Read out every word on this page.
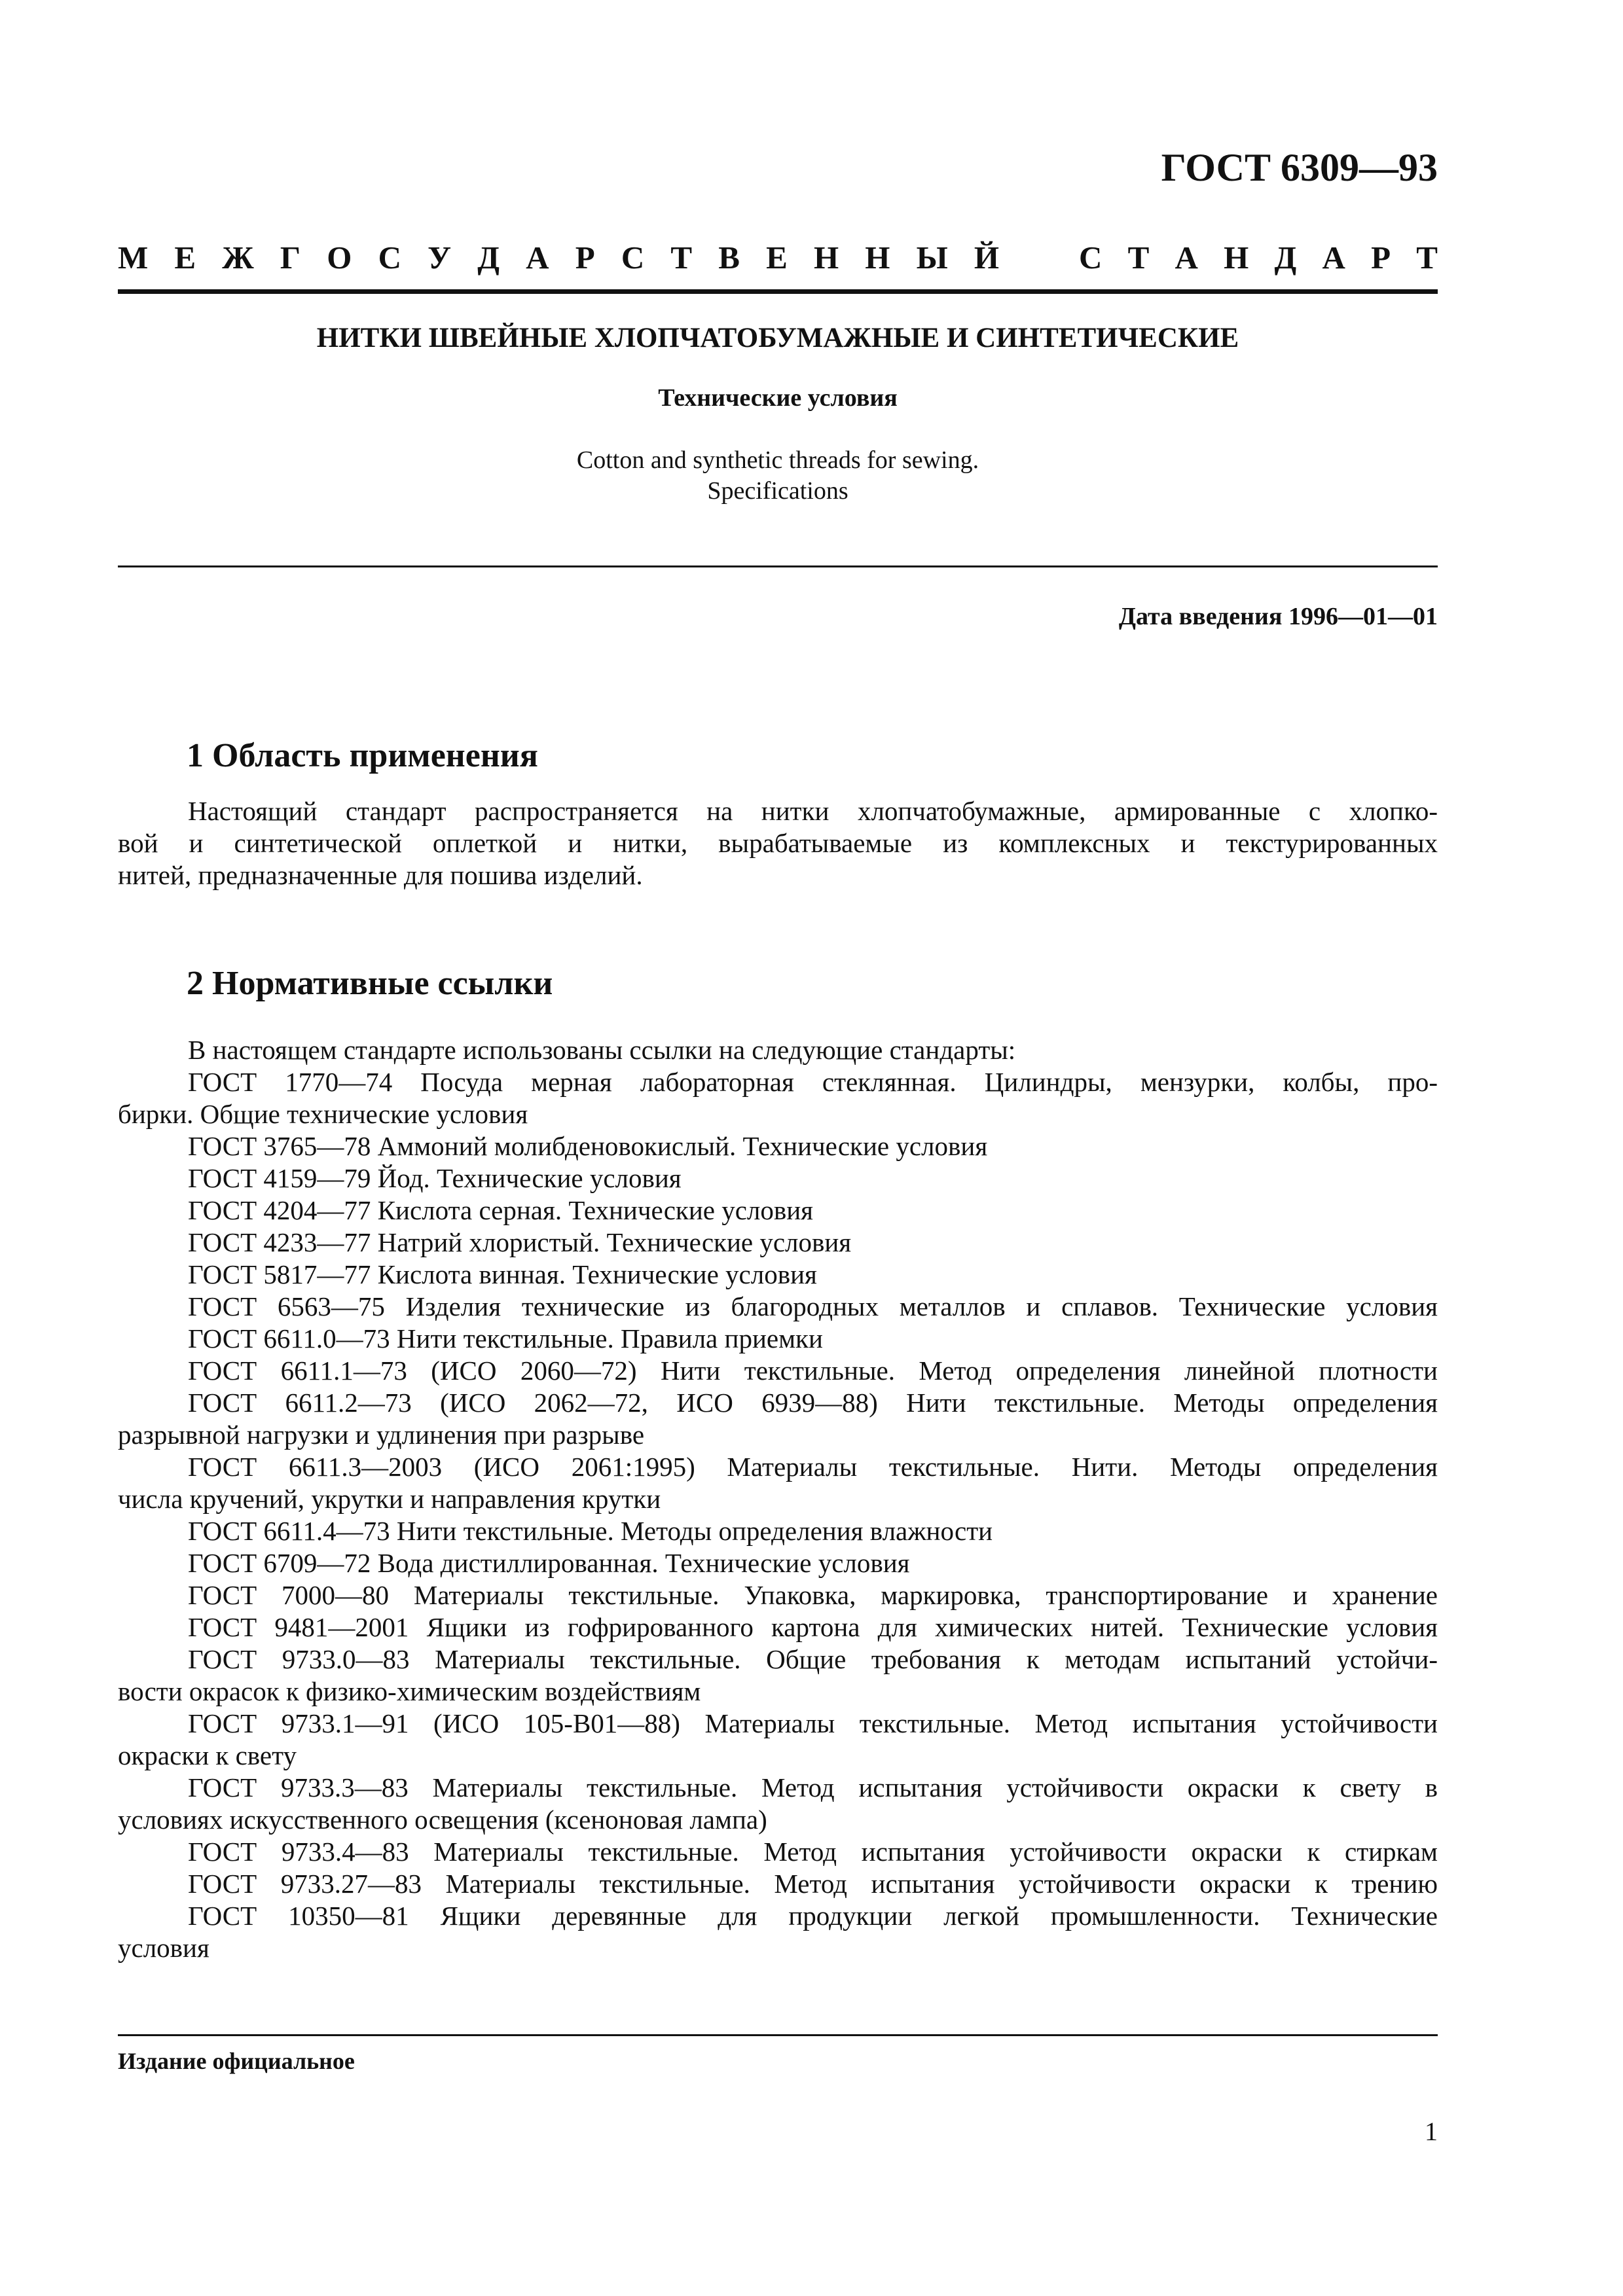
ГОСТ 6309—93
М Е Ж Г О С У Д А Р С Т В Е Н Н Ы Й С Т А Н Д А Р Т
НИТКИ ШВЕЙНЫЕ ХЛОПЧАТОБУМАЖНЫЕ И СИНТЕТИЧЕСКИЕ
Технические условия
Cotton and synthetic threads for sewing.
Specifications
Дата введения 1996—01—01
1 Область применения
Настоящий стандарт распространяется на нитки хлопчатобумажные, армированные с хлопко-
вой и синтетической оплеткой и нитки, вырабатываемые из комплексных и текстурированных
нитей, предназначенные для пошива изделий.
2 Нормативные ссылки
В настоящем стандарте использованы ссылки на следующие стандарты:
ГОСТ 1770—74 Посуда мерная лабораторная стеклянная. Цилиндры, мензурки, колбы, про-
бирки. Общие технические условия
ГОСТ 3765—78 Аммоний молибденовокислый. Технические условия
ГОСТ 4159—79 Йод. Технические условия
ГОСТ 4204—77 Кислота серная. Технические условия
ГОСТ 4233—77 Натрий хлористый. Технические условия
ГОСТ 5817—77 Кислота винная. Технические условия
ГОСТ 6563—75 Изделия технические из благородных металлов и сплавов. Технические условия
ГОСТ 6611.0—73 Нити текстильные. Правила приемки
ГОСТ 6611.1—73 (ИСО 2060—72) Нити текстильные. Метод определения линейной плотности
ГОСТ 6611.2—73 (ИСО 2062—72, ИСО 6939—88) Нити текстильные. Методы определения
разрывной нагрузки и удлинения при разрыве
ГОСТ 6611.3—2003 (ИСО 2061:1995) Материалы текстильные. Нити. Методы определения
числа кручений, укрутки и направления крутки
ГОСТ 6611.4—73 Нити текстильные. Методы определения влажности
ГОСТ 6709—72 Вода дистиллированная. Технические условия
ГОСТ 7000—80 Материалы текстильные. Упаковка, маркировка, транспортирование и хранение
ГОСТ 9481—2001 Ящики из гофрированного картона для химических нитей. Технические условия
ГОСТ 9733.0—83 Материалы текстильные. Общие требования к методам испытаний устойчи-
вости окрасок к физико-химическим воздействиям
ГОСТ 9733.1—91 (ИСО 105-В01—88) Материалы текстильные. Метод испытания устойчивости
окраски к свету
ГОСТ 9733.3—83 Материалы текстильные. Метод испытания устойчивости окраски к свету в
условиях искусственного освещения (ксеноновая лампа)
ГОСТ 9733.4—83 Материалы текстильные. Метод испытания устойчивости окраски к стиркам
ГОСТ 9733.27—83 Материалы текстильные. Метод испытания устойчивости окраски к трению
ГОСТ 10350—81 Ящики деревянные для продукции легкой промышленности. Технические
условия
Издание официальное
1
